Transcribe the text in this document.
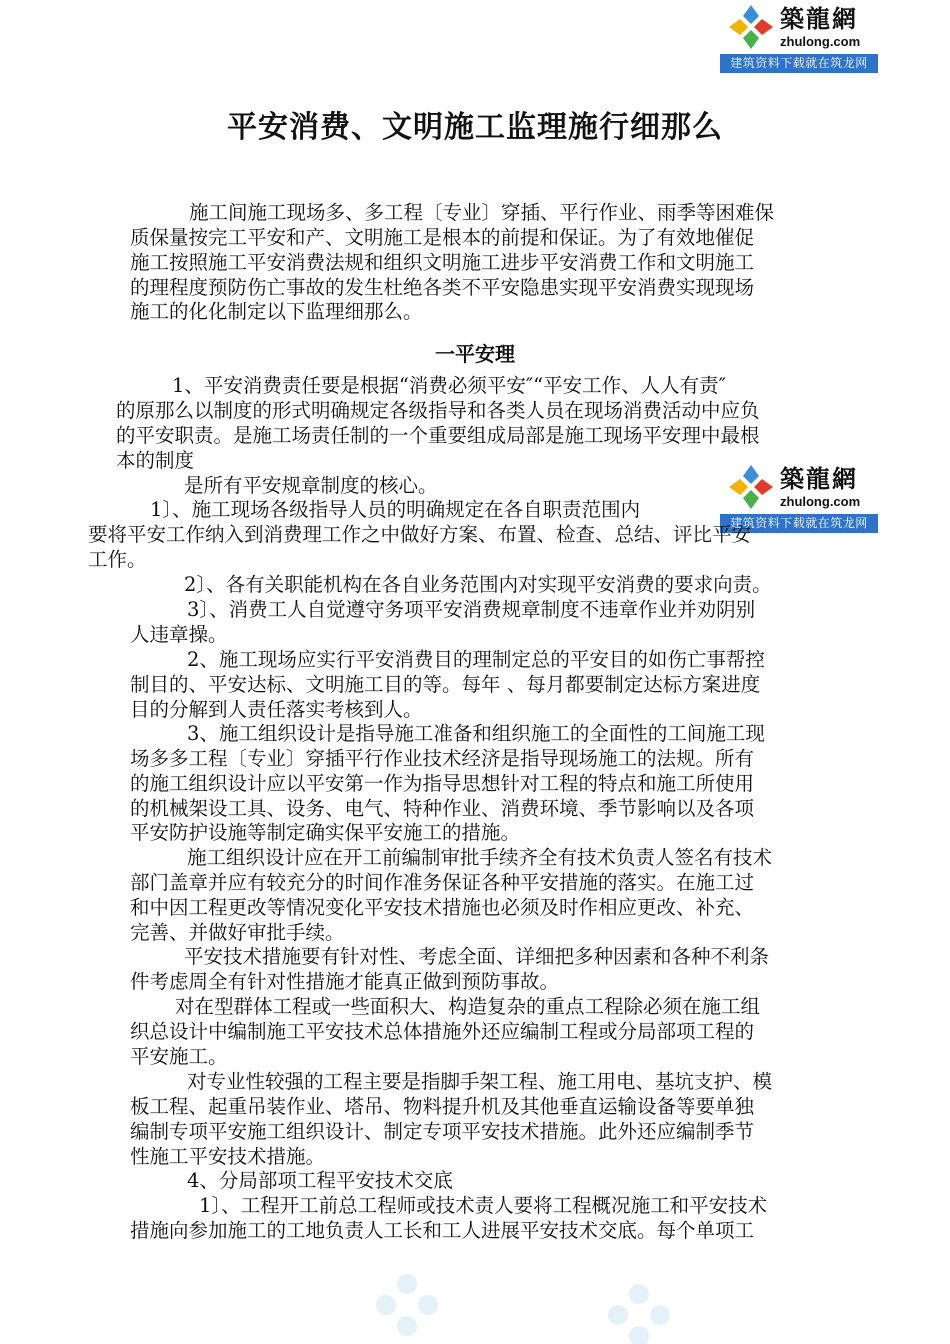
築龍網
zhulong.com
建筑资料下载就在筑龙网
築龍網
zhulong.com
建筑资料下载就在筑龙网
平安消费、文明施工监理施行细那么
一平安理
施工间施工现场多、多工程〔专业〕穿插、平行作业、雨季等困难保
质保量按完工平安和产、文明施工是根本的前提和保证。为了有效地催促
施工按照施工平安消费法规和组织文明施工进步平安消费工作和文明施工
的理程度预防伤亡事故的发生杜绝各类不平安隐患实现平安消费实现现场
施工的化化制定以下监理细那么。
1、平安消费责任要是根据“消费必须平安″“平安工作、人人有责″
的原那么以制度的形式明确规定各级指导和各类人员在现场消费活动中应负
的平安职责。是施工场责任制的一个重要组成局部是施工现场平安理中最根
本的制度
是所有平安规章制度的核心。
1〕、施工现场各级指导人员的明确规定在各自职责范围内
要将平安工作纳入到消费理工作之中做好方案、布置、检查、总结、评比平安
工作。
2〕、各有关职能机构在各自业务范围内对实现平安消费的要求向责。
3〕、消费工人自觉遵守务项平安消费规章制度不违章作业并劝阴别
人违章操。
2、施工现场应实行平安消费目的理制定总的平安目的如伤亡事帮控
制目的、平安达标、文明施工目的等。每年 、每月都要制定达标方案进度
目的分解到人责任落实考核到人。
3、施工组织设计是指导施工准备和组织施工的全面性的工间施工现
场多多工程〔专业〕穿插平行作业技术经济是指导现场施工的法规。所有
的施工组织设计应以平安第一作为指导思想针对工程的特点和施工所使用
的机械架设工具、设务、电气、特种作业、消费环境、季节影响以及各项
平安防护设施等制定确实保平安施工的措施。
施工组织设计应在开工前编制审批手续齐全有技术负责人签名有技术
部门盖章并应有较充分的时间作准务保证各种平安措施的落实。在施工过
和中因工程更改等情况变化平安技术措施也必须及时作相应更改、补充、
完善、并做好审批手续。
平安技术措施要有针对性、考虑全面、详细把多种因素和各种不利条
件考虑周全有针对性措施才能真正做到预防事故。
对在型群体工程或一些面积大、构造复杂的重点工程除必须在施工组
织总设计中编制施工平安技术总体措施外还应编制工程或分局部项工程的
平安施工。
对专业性较强的工程主要是指脚手架工程、施工用电、基坑支护、模
板工程、起重吊装作业、塔吊、物料提升机及其他垂直运输设备等要单独
编制专项平安施工组织设计、制定专项平安技术措施。此外还应编制季节
性施工平安技术措施。
4、分局部项工程平安技术交底
1〕、工程开工前总工程师或技术责人要将工程概况施工和平安技术
措施向参加施工的工地负责人工长和工人进展平安技术交底。每个单项工
